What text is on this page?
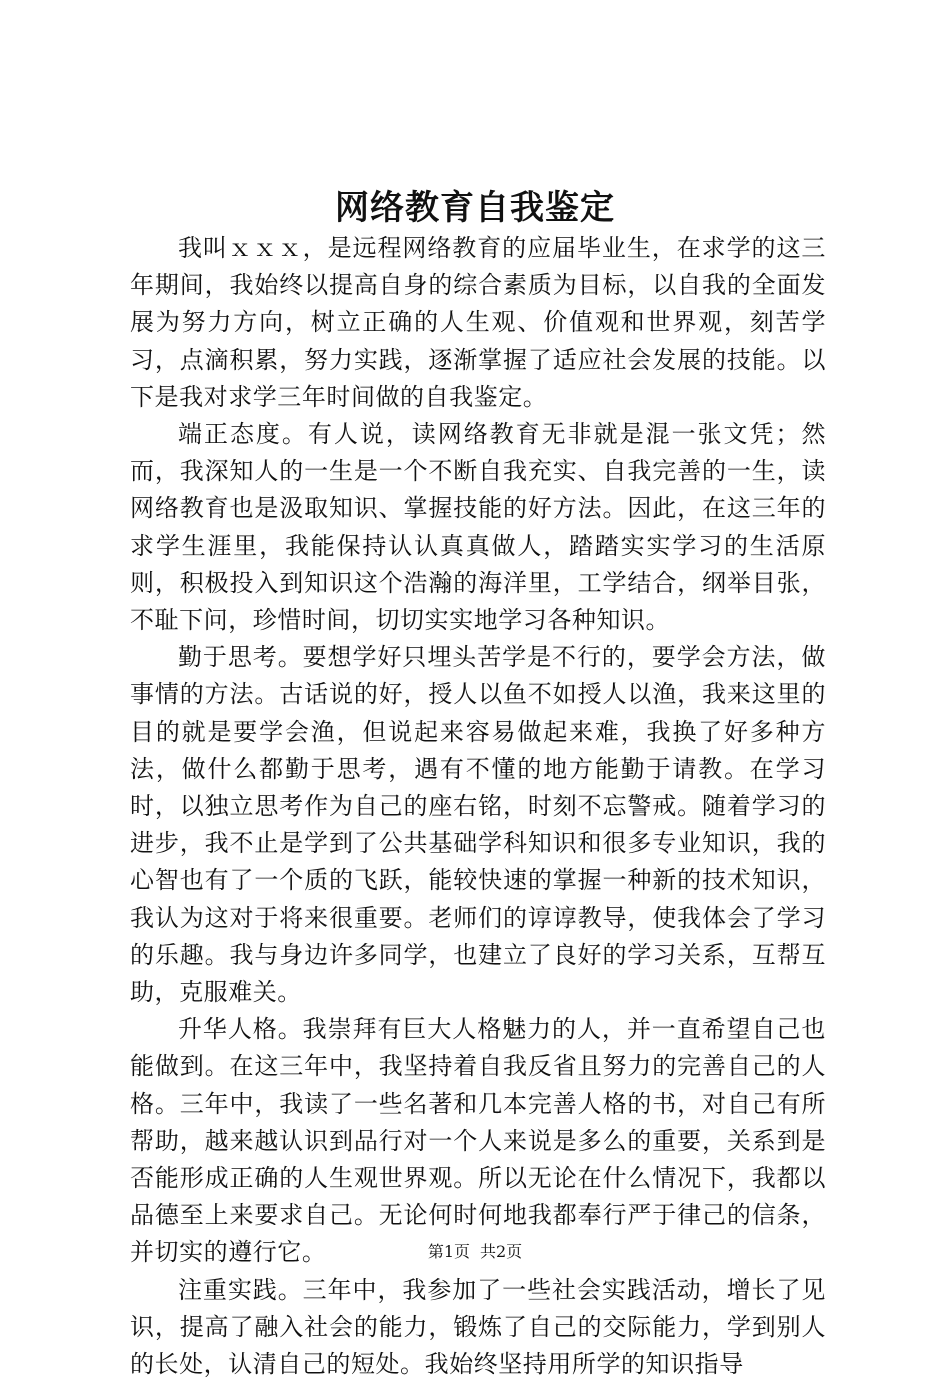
网络教育自我鉴定

我叫ｘｘｘ，是远程网络教育的应届毕业生，在求学的这三年期间，我始终以提高自身的综合素质为目标，以自我的全面发展为努力方向，树立正确的人生观、价值观和世界观，刻苦学习，点滴积累，努力实践，逐渐掌握了适应社会发展的技能。以下是我对求学三年时间做的自我鉴定。

端正态度。有人说，读网络教育无非就是混一张文凭；然而，我深知人的一生是一个不断自我充实、自我完善的一生，读网络教育也是汲取知识、掌握技能的好方法。因此，在这三年的求学生涯里，我能保持认认真真做人，踏踏实实学习的生活原则，积极投入到知识这个浩瀚的海洋里，工学结合，纲举目张，不耻下问，珍惜时间，切切实实地学习各种知识。

勤于思考。要想学好只埋头苦学是不行的，要学会方法，做事情的方法。古话说的好，授人以鱼不如授人以渔，我来这里的目的就是要学会渔，但说起来容易做起来难，我换了好多种方法，做什么都勤于思考，遇有不懂的地方能勤于请教。在学习时，以独立思考作为自己的座右铭，时刻不忘警戒。随着学习的进步，我不止是学到了公共基础学科知识和很多专业知识，我的心智也有了一个质的飞跃，能较快速的掌握一种新的技术知识，我认为这对于将来很重要。老师们的谆谆教导，使我体会了学习的乐趣。我与身边许多同学，也建立了良好的学习关系，互帮互助，克服难关。

升华人格。我崇拜有巨大人格魅力的人，并一直希望自己也能做到。在这三年中，我坚持着自我反省且努力的完善自己的人格。三年中，我读了一些名著和几本完善人格的书，对自己有所帮助，越来越认识到品行对一个人来说是多么的重要，关系到是否能形成正确的人生观世界观。所以无论在什么情况下，我都以品德至上来要求自己。无论何时何地我都奉行严于律己的信条，并切实的遵行它。

注重实践。三年中，我参加了一些社会实践活动，增长了见识，提高了融入社会的能力，锻炼了自己的交际能力，学到别人的长处，认清自己的短处。我始终坚持用所学的知识指导

第1页 共2页
